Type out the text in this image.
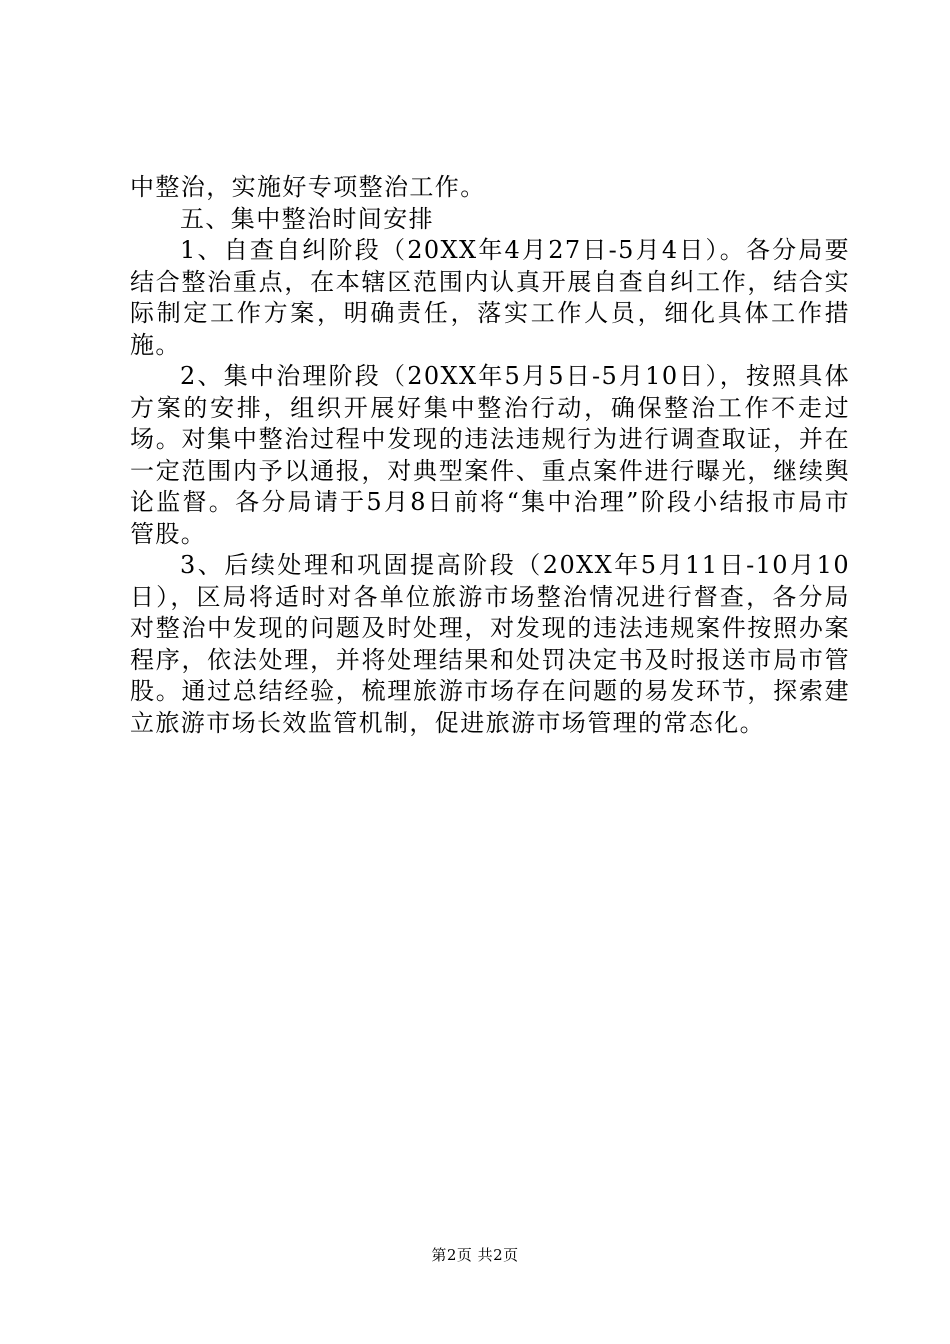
中整治，实施好专项整治工作。

五、集中整治时间安排

1、自查自纠阶段（20XX年4月27日-5月4日）。各分局要结合整治重点，在本辖区范围内认真开展自查自纠工作，结合实际制定工作方案，明确责任，落实工作人员，细化具体工作措施。

2、集中治理阶段（20XX年5月5日-5月10日），按照具体方案的安排，组织开展好集中整治行动，确保整治工作不走过场。对集中整治过程中发现的违法违规行为进行调查取证，并在一定范围内予以通报，对典型案件、重点案件进行曝光，继续舆论监督。各分局请于5月8日前将“集中治理”阶段小结报市局市管股。

3、后续处理和巩固提高阶段（20XX年5月11日-10月10日），区局将适时对各单位旅游市场整治情况进行督查，各分局对整治中发现的问题及时处理，对发现的违法违规案件按照办案程序，依法处理，并将处理结果和处罚决定书及时报送市局市管股。通过总结经验，梳理旅游市场存在问题的易发环节，探索建立旅游市场长效监管机制，促进旅游市场管理的常态化。

第2页 共2页
